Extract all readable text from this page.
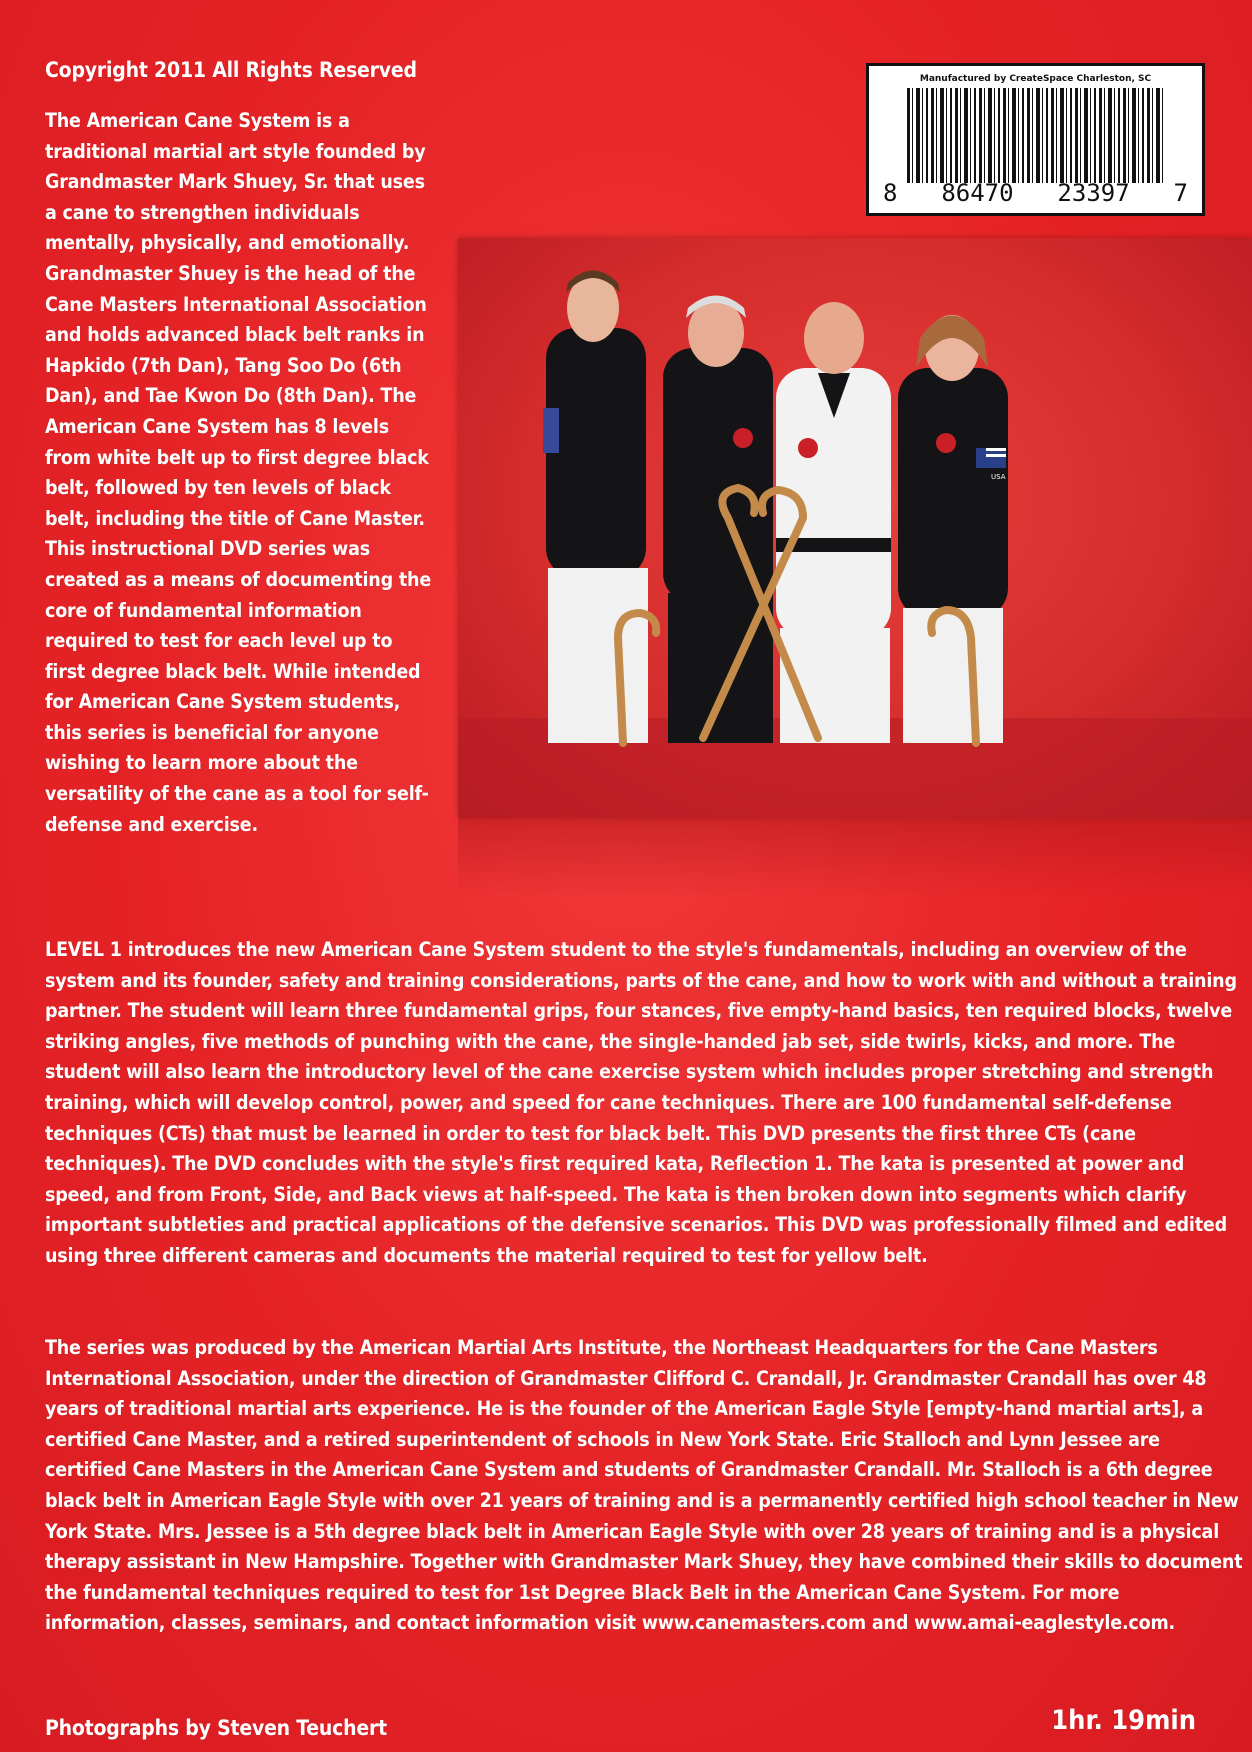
Copyright 2011 All Rights Reserved
The American Cane System is a traditional martial art style founded by Grandmaster Mark Shuey, Sr. that uses a cane to strengthen individuals mentally, physically, and emotionally. Grandmaster Shuey is the head of the Cane Masters International Association and holds advanced black belt ranks in Hapkido (7th Dan), Tang Soo Do (6th Dan), and Tae Kwon Do (8th Dan). The American Cane System has 8 levels from white belt up to first degree black belt, followed by ten levels of black belt, including the title of Cane Master. This instructional DVD series was created as a means of documenting the core of fundamental information required to test for each level up to first degree black belt. While intended for American Cane System students, this series is beneficial for anyone wishing to learn more about the versatility of the cane as a tool for self-defense and exercise.
Manufactured by CreateSpace Charleston, SC
8 86470 23397 7
USA
LEVEL 1 introduces the new American Cane System student to the style's fundamentals, including an overview of the system and its founder, safety and training considerations, parts of the cane, and how to work with and without a training partner. The student will learn three fundamental grips, four stances, five empty-hand basics, ten required blocks, twelve striking angles, five methods of punching with the cane, the single-handed jab set, side twirls, kicks, and more. The student will also learn the introductory level of the cane exercise system which includes proper stretching and strength training, which will develop control, power, and speed for cane techniques. There are 100 fundamental self-defense techniques (CTs) that must be learned in order to test for black belt. This DVD presents the first three CTs (cane techniques). The DVD concludes with the style's first required kata, Reflection 1. The kata is presented at power and speed, and from Front, Side, and Back views at half-speed. The kata is then broken down into segments which clarify important subtleties and practical applications of the defensive scenarios. This DVD was professionally filmed and edited using three different cameras and documents the material required to test for yellow belt.
The series was produced by the American Martial Arts Institute, the Northeast Headquarters for the Cane Masters International Association, under the direction of Grandmaster Clifford C. Crandall, Jr. Grandmaster Crandall has over 48 years of traditional martial arts experience. He is the founder of the American Eagle Style [empty-hand martial arts], a certified Cane Master, and a retired superintendent of schools in New York State. Eric Stalloch and Lynn Jessee are certified Cane Masters in the American Cane System and students of Grandmaster Crandall. Mr. Stalloch is a 6th degree black belt in American Eagle Style with over 21 years of training and is a permanently certified high school teacher in New York State. Mrs. Jessee is a 5th degree black belt in American Eagle Style with over 28 years of training and is a physical therapy assistant in New Hampshire. Together with Grandmaster Mark Shuey, they have combined their skills to document the fundamental techniques required to test for 1st Degree Black Belt in the American Cane System. For more information, classes, seminars, and contact information visit www.canemasters.com and www.amai-eaglestyle.com.
Photographs by Steven Teuchert	1hr. 19min
